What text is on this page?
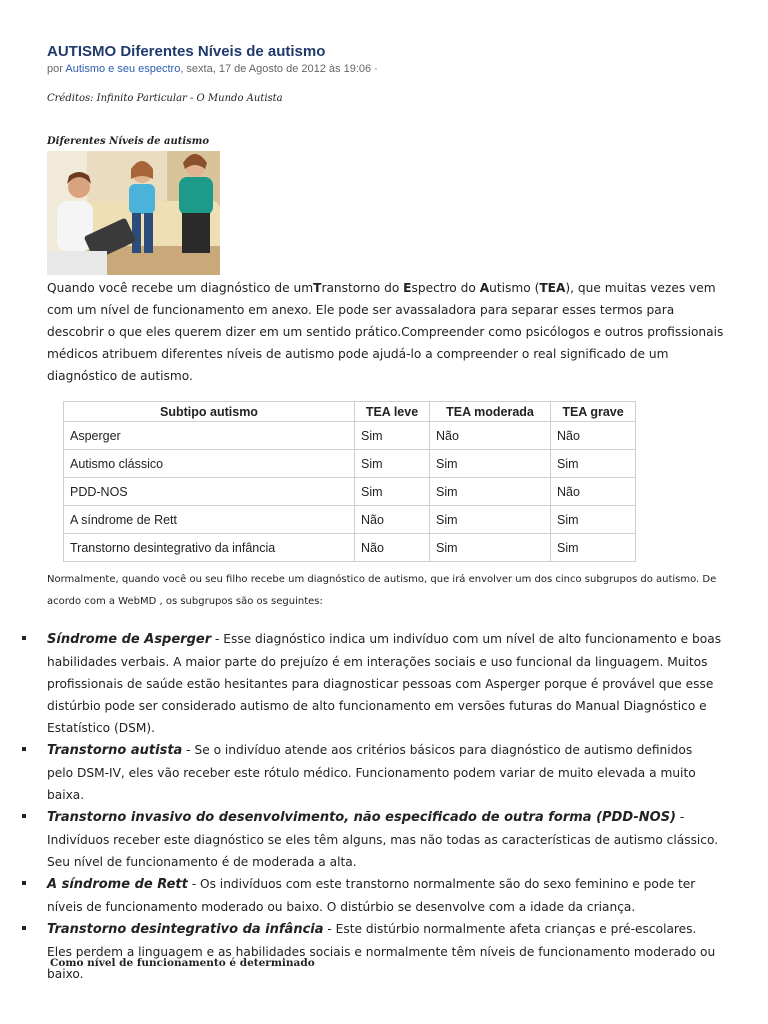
AUTISMO Diferentes Níveis de autismo
por Autismo e seu espectro, sexta, 17 de Agosto de 2012 às 19:06 ·
Créditos: Infinito Particular - O Mundo Autista
Diferentes Níveis de autismo

Quando você recebe um diagnóstico de umTranstorno do Espectro do Autismo (TEA), que muitas vezes vem com um nível de funcionamento em anexo. Ele pode ser avassaladora para separar esses termos para descobrir o que eles querem dizer em um sentido prático.Compreender como psicólogos e outros profissionais médicos atribuem diferentes níveis de autismo pode ajudá-lo a compreender o real significado de um diagnóstico de autismo.

Subtipo autismo	TEA leve	TEA moderada	TEA grave
Asperger	Sim	Não	Não
Autismo clássico	Sim	Sim	Sim
PDD-NOS	Sim	Sim	Não
A síndrome de Rett	Não	Sim	Sim
Transtorno desintegrativo da infância	Não	Sim	Sim
Normalmente, quando você ou seu filho recebe um diagnóstico de autismo, que irá envolver um dos cinco subgrupos do autismo. De acordo com a WebMD , os subgrupos são os seguintes:
Síndrome de Asperger - Esse diagnóstico indica um indivíduo com um nível de alto funcionamento e boas habilidades verbais. A maior parte do prejuízo é em interações sociais e uso funcional da linguagem. Muitos profissionais de saúde estão hesitantes para diagnosticar pessoas com Asperger porque é provável que esse distúrbio pode ser considerado autismo de alto funcionamento em versões futuras do Manual Diagnóstico e Estatístico (DSM).
Transtorno autista - Se o indivíduo atende aos critérios básicos para diagnóstico de autismo definidos pelo DSM-IV, eles vão receber este rótulo médico. Funcionamento podem variar de muito elevada a muito baixa.
Transtorno invasivo do desenvolvimento, não especificado de outra forma (PDD-NOS) - Indivíduos receber este diagnóstico se eles têm alguns, mas não todas as características de autismo clássico. Seu nível de funcionamento é de moderada a alta.
A síndrome de Rett - Os indivíduos com este transtorno normalmente são do sexo feminino e pode ter níveis de funcionamento moderado ou baixo. O distúrbio se desenvolve com a idade da criança.
Transtorno desintegrativo da infância - Este distúrbio normalmente afeta crianças e pré-escolares. Eles perdem a linguagem e as habilidades sociais e normalmente têm níveis de funcionamento moderado ou baixo.
Como nível de funcionamento é determinado
